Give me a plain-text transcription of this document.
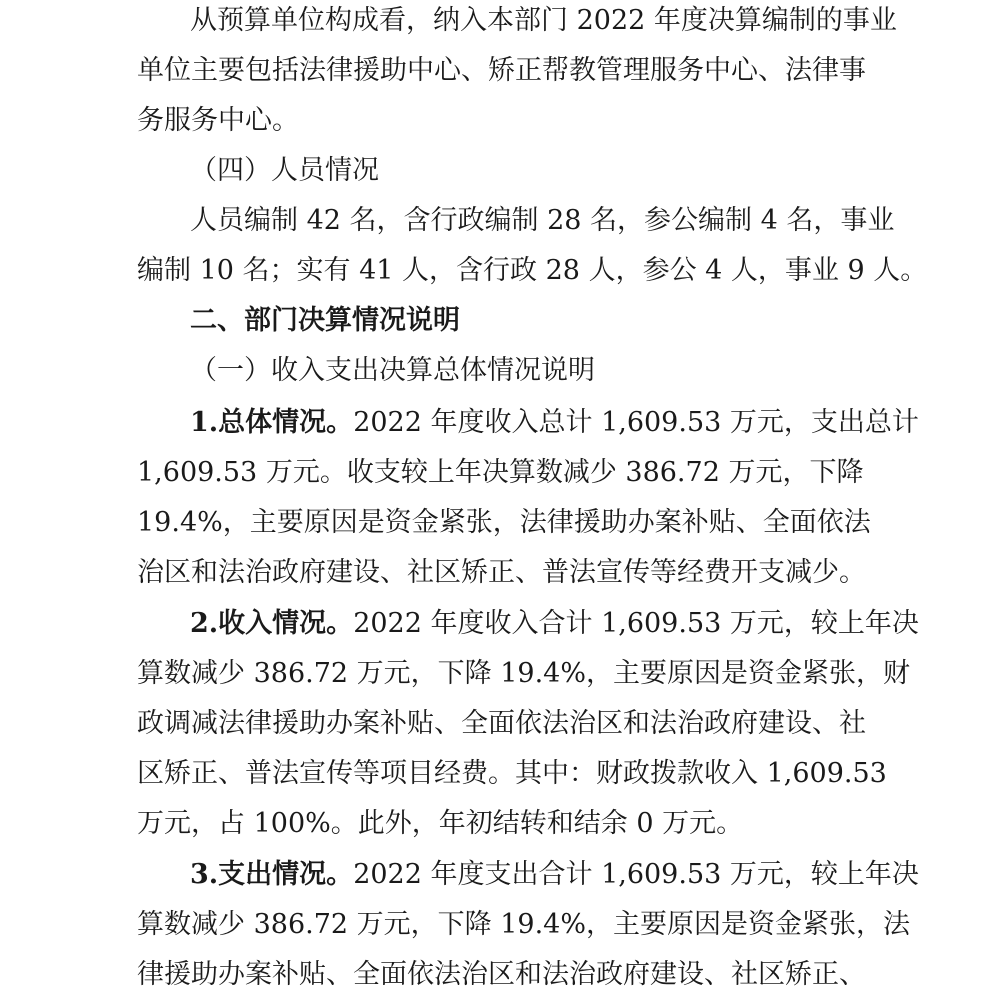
从预算单位构成看，纳入本部门 2022 年度决算编制的事业
单位主要包括法律援助中心、矫正帮教管理服务中心、法律事
务服务中心。
（四）人员情况
人员编制 42 名，含行政编制 28 名，参公编制 4 名，事业
编制 10 名；实有 41 人，含行政 28 人，参公 4 人，事业 9 人。
二、部门决算情况说明
（一）收入支出决算总体情况说明
1.总体情况。2022 年度收入总计 1,609.53 万元，支出总计
1,609.53 万元。收支较上年决算数减少 386.72 万元，下降
19.4%，主要原因是资金紧张，法律援助办案补贴、全面依法
治区和法治政府建设、社区矫正、普法宣传等经费开支减少。
2.收入情况。2022 年度收入合计 1,609.53 万元，较上年决
算数减少 386.72 万元，下降 19.4%，主要原因是资金紧张，财
政调减法律援助办案补贴、全面依法治区和法治政府建设、社
区矫正、普法宣传等项目经费。其中：财政拨款收入 1,609.53
万元，占 100%。此外，年初结转和结余 0 万元。
3.支出情况。2022 年度支出合计 1,609.53 万元，较上年决
算数减少 386.72 万元，下降 19.4%，主要原因是资金紧张，法
律援助办案补贴、全面依法治区和法治政府建设、社区矫正、
